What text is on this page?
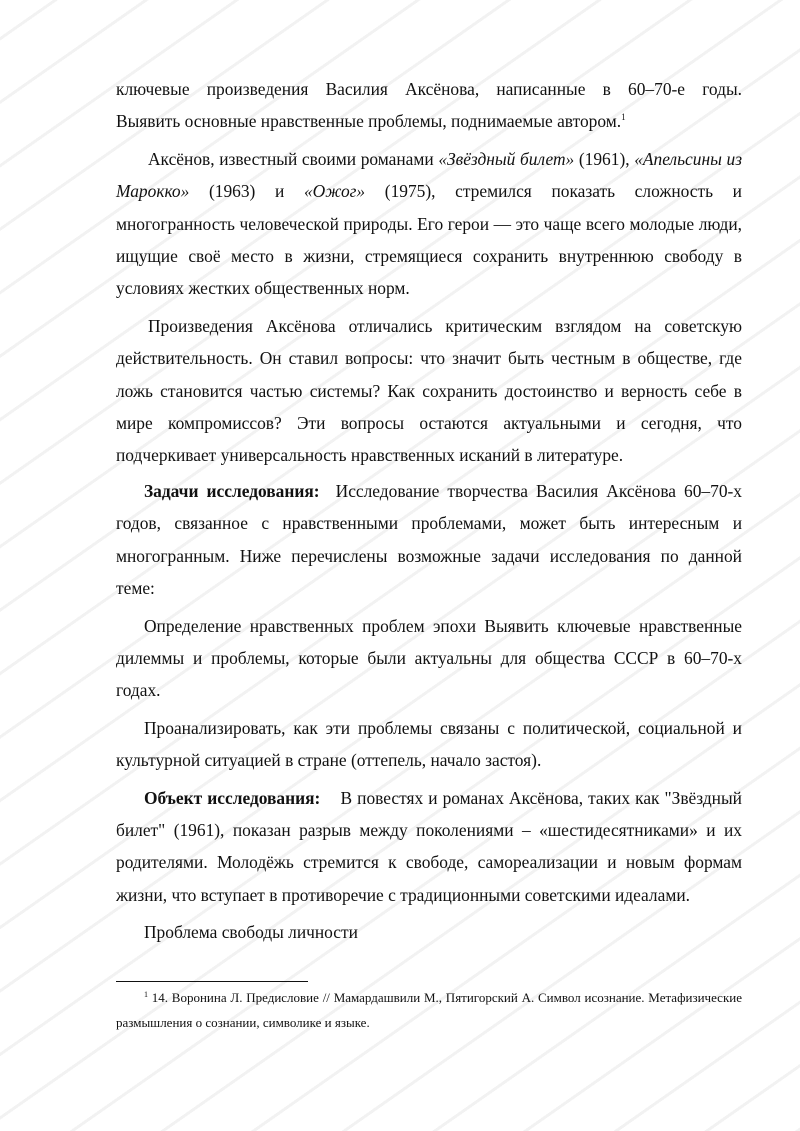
ключевые произведения Василия Аксёнова, написанные в 60–70-е годы.

Выявить основные нравственные проблемы, поднимаемые автором.$^1$

Аксёнов, известный своими романами «Звёздный билет» (1961), «Апельсины из Марокко» (1963) и «Ожог» (1975), стремился показать сложность и многогранность человеческой природы. Его герои — это чаще всего молодые люди, ищущие своё место в жизни, стремящиеся сохранить внутреннюю свободу в условиях жестких общественных норм.

Произведения Аксёнова отличались критическим взглядом на советскую действительность. Он ставил вопросы: что значит быть честным в обществе, где ложь становится частью системы? Как сохранить достоинство и верность себе в мире компромиссов? Эти вопросы остаются актуальными и сегодня, что подчеркивает универсальность нравственных исканий в литературе.

Задачи исследования:  Исследование творчества Василия Аксёнова 60–70-х годов, связанное с нравственными проблемами, может быть интересным и многогранным. Ниже перечислены возможные задачи исследования по данной теме:

Определение нравственных проблем эпохи Выявить ключевые нравственные дилеммы и проблемы, которые были актуальны для общества СССР в 60–70-х годах.

Проанализировать, как эти проблемы связаны с политической, социальной и культурной ситуацией в стране (оттепель, начало застоя).

Объект исследования:    В повестях и романах Аксёнова, таких как "Звёздный билет" (1961), показан разрыв между поколениями – «шестидесятниками» и их родителями. Молодёжь стремится к свободе, самореализации и новым формам жизни, что вступает в противоречие с традиционными советскими идеалами.

Проблема свободы личности

$^1$ 14. Воронина Л. Предисловие // Мамардашвили М., Пятигорский А. Символ исознание. Метафизические размышления о сознании, символике и языке.
